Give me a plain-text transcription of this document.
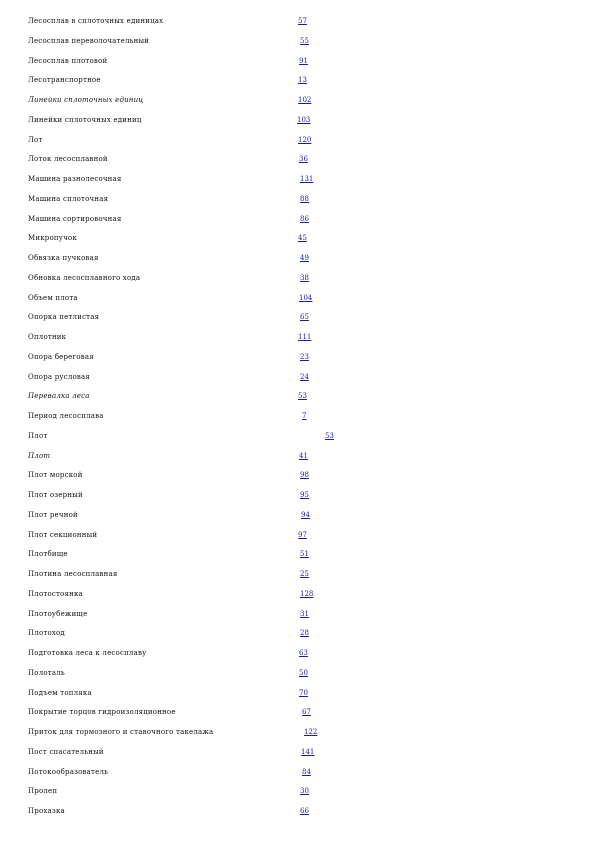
Лесосплав в сплоточных единицах	57
Лесосплав переволочательный	55
Лесосплав плотовой	91
Лесотранспортное	13
Линейки сплоточных единиц	102
Линейки сплоточных единиц	103
Лот	120
Лоток лесосплавной	36
Машина разнолесочная	131
Машина сплоточная	88
Машина сортировочная	86
Микропучок	45
Обвязка пучковая	49
Обновка лесосплавного хода	38
Объем плота	104
Опорка петлистая	65
Оплотник	111
Опора береговая	23
Опора русловая	24
Перевалка леса	53
Период лесосплава	7
Плот	53
Плот	41
Плот морской	98
Плот озерный	95
Плот речной	94
Плот секционный	97
Плотбище	51
Плотина лесосплавная	25
Плотостоянка	128
Плотоубежище	31
Плотоход	28
Подготовка леса к лесосплаву	63
Полоталь	50
Подъем топляка	70
Покрытие торцов гидроизоляционное	67
Приток для тормозного и ставочного такелажа	122
Пост спасательный	141
Потокообразователь	84
Пролеп	30
Прохазка	66
